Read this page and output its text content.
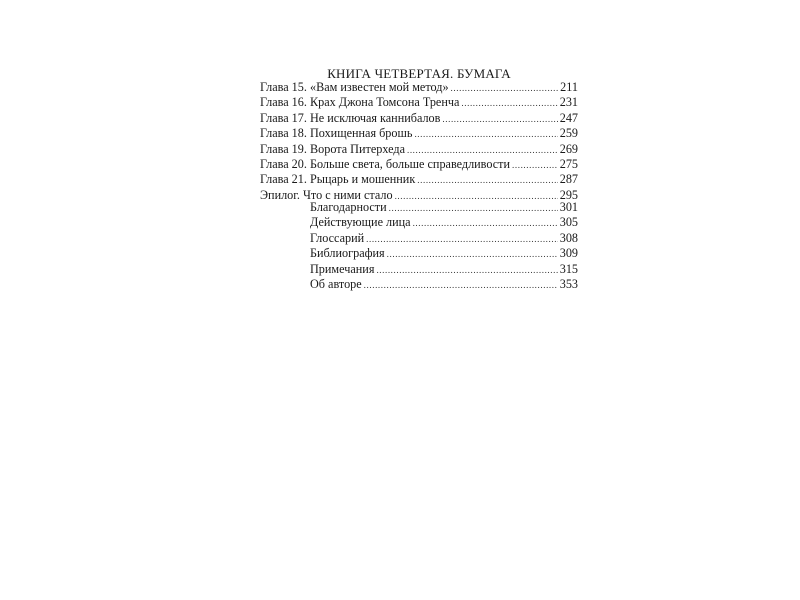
КНИГА ЧЕТВЕРТАЯ. БУМАГА
Глава 15. «Вам известен мой метод» .....	211
Глава 16. Крах Джона Томсона Тренча .....	231
Глава 17. Не исключая каннибалов .....	247
Глава 18. Похищенная брошь .....	259
Глава 19. Ворота Питерхеда .....	269
Глава 20. Больше света, больше справедливости .....	275
Глава 21. Рыцарь и мошенник .....	287
Эпилог. Что с ними стало .....	295
Благодарности .....	301
Действующие лица .....	305
Глоссарий .....	308
Библиография .....	309
Примечания .....	315
Об авторе .....	353
